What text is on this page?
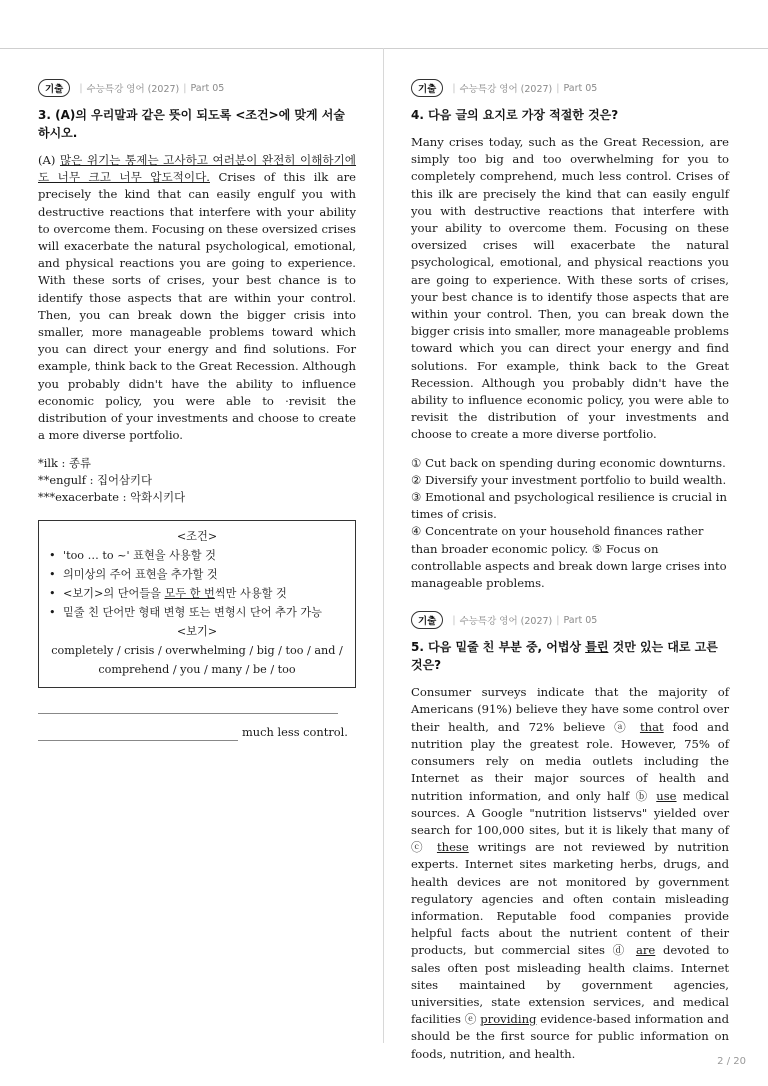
기출	| 수능특강 영어 (2027) | Part 05

3. (A)의 우리말과 같은 뜻이 되도록 <조건>에 맞게 서술하시오.

(A) 많은 위기는 통제는 고사하고 여러분이 완전히 이해하기에도 너무 크고 너무 압도적이다. Crises of this ilk are precisely the kind that can easily engulf you with destructive reactions that interfere with your ability to overcome them. Focusing on these oversized crises will exacerbate the natural psychological, emotional, and physical reactions you are going to experience. With these sorts of crises, your best chance is to identify those aspects that are within your control. Then, you can break down the bigger crisis into smaller, more manageable problems toward which you can direct your energy and find solutions. For example, think back to the Great Recession. Although you probably didn't have the ability to influence economic policy, you were able to ·revisit the distribution of your investments and choose to create a more diverse portfolio.

*ilk : 종류
**engulf : 집어삼키다
***exacerbate : 악화시키다
<조건>
• 'too … to ~' 표현을 사용할 것
• 의미상의 주어 표현을 추가할 것
• <보기>의 단어들을 모두 한 번씩만 사용할 것
• 밑줄 친 단어만 형태 변형 또는 변형시 단어 추가 가능
<보기>
completely / crisis / overwhelming / big / too / and / comprehend / you / many / be / too
much less control.
기출	| 수능특강 영어 (2027) | Part 05

4. 다음 글의 요지로 가장 적절한 것은?

Many crises today, such as the Great Recession, are simply too big and too overwhelming for you to completely comprehend, much less control. Crises of this ilk are precisely the kind that can easily engulf you with destructive reactions that interfere with your ability to overcome them. Focusing on these oversized crises will exacerbate the natural psychological, emotional, and physical reactions you are going to experience. With these sorts of crises, your best chance is to identify those aspects that are within your control. Then, you can break down the bigger crisis into smaller, more manageable problems toward which you can direct your energy and find solutions. For example, think back to the Great Recession. Although you probably didn't have the ability to influence economic policy, you were able to revisit the distribution of your investments and choose to create a more diverse portfolio.

① Cut back on spending during economic downturns.
② Diversify your investment portfolio to build wealth.
③ Emotional and psychological resilience is crucial in times of crisis.
④ Concentrate on your household finances rather than broader economic policy. ⑤ Focus on controllable aspects and break down large crises into manageable problems.
기출	| 수능특강 영어 (2027) | Part 05

5. 다음 밑줄 친 부분 중, 어법상 틀린 것만 있는 대로 고른 것은?

Consumer surveys indicate that the majority of Americans (91%) believe they have some control over their health, and 72% believe ⓐ that food and nutrition play the greatest role. However, 75% of consumers rely on media outlets including the Internet as their major sources of health and nutrition information, and only half ⓑ use medical sources. A Google "nutrition listservs" yielded over search for 100,000 sites, but it is likely that many of ⓒ these writings are not reviewed by nutrition experts. Internet sites marketing herbs, drugs, and health devices are not monitored by government regulatory agencies and often contain misleading information. Reputable food companies provide helpful facts about the nutrient content of their products, but commercial sites ⓓ are devoted to sales often post misleading health claims. Internet sites maintained by government agencies, universities, state extension services, and medical facilities ⓔ providing evidence-based information and should be the first source for public information on foods, nutrition, and health.

2 / 20
